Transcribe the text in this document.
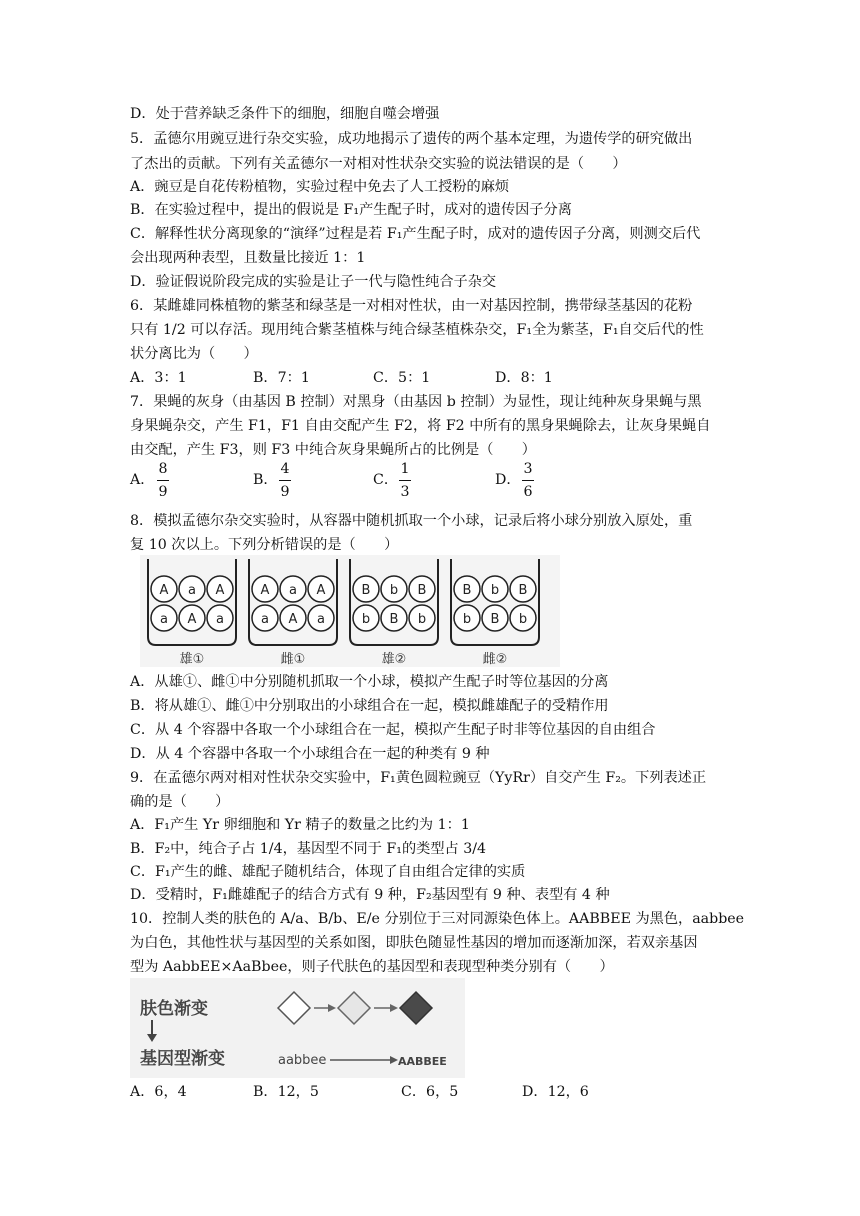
D．处于营养缺乏条件下的细胞，细胞自噬会增强
5．孟德尔用豌豆进行杂交实验，成功地揭示了遗传的两个基本定理，为遗传学的研究做出
了杰出的贡献。下列有关孟德尔一对相对性状杂交实验的说法错误的是（　　）
A．豌豆是自花传粉植物，实验过程中免去了人工授粉的麻烦
B．在实验过程中，提出的假说是 F₁产生配子时，成对的遗传因子分离
C．解释性状分离现象的“演绎”过程是若 F₁产生配子时，成对的遗传因子分离，则测交后代
会出现两种表型，且数量比接近 1：1
D．验证假说阶段完成的实验是让子一代与隐性纯合子杂交
6．某雌雄同株植物的紫茎和绿茎是一对相对性状，由一对基因控制，携带绿茎基因的花粉
只有 1/2 可以存活。现用纯合紫茎植株与纯合绿茎植株杂交，F₁全为紫茎，F₁自交后代的性
状分离比为（　　）
A．3：1	B．7：1	C．5：1	D．8：1
7．果蝇的灰身（由基因 B 控制）对黑身（由基因 b 控制）为显性，现让纯种灰身果蝇与黑
身果蝇杂交，产生 F1，F1 自由交配产生 F2，将 F2 中所有的黑身果蝇除去，让灰身果蝇自
由交配，产生 F3，则 F3 中纯合灰身果蝇所占的比例是（　　）
A．
8
9
B．
4
9
C．
1
3
D．
3
6
8．模拟孟德尔杂交实验时，从容器中随机抓取一个小球，记录后将小球分别放入原处，重
复 10 次以上。下列分析错误的是（　　）
A a A
a A a
雄①
A a A
a A a
雌①
B b B
b B b
雄②
B b B
b B b
雌②
A．从雄①、雌①中分别随机抓取一个小球，模拟产生配子时等位基因的分离
B．将从雄①、雌①中分别取出的小球组合在一起，模拟雌雄配子的受精作用
C．从 4 个容器中各取一个小球组合在一起，模拟产生配子时非等位基因的自由组合
D．从 4 个容器中各取一个小球组合在一起的种类有 9 种
9．在孟德尔两对相对性状杂交实验中，F₁黄色圆粒豌豆（YyRr）自交产生 F₂。下列表述正
确的是（　　）
A．F₁产生 Yr 卵细胞和 Yr 精子的数量之比约为 1：1
B．F₂中，纯合子占 1/4，基因型不同于 F₁的类型占 3/4
C．F₁产生的雌、雄配子随机结合，体现了自由组合定律的实质
D．受精时，F₁雌雄配子的结合方式有 9 种，F₂基因型有 9 种、表型有 4 种
10．控制人类的肤色的 A/a、B/b、E/e 分别位于三对同源染色体上。AABBEE 为黑色，aabbee
为白色，其他性状与基因型的关系如图，即肤色随显性基因的增加而逐渐加深，若双亲基因
型为 AabbEE×AaBbee，则子代肤色的基因型和表现型种类分别有（　　）
肤色渐变
基因型渐变	aabbee	AABBEE
A．6，4	B．12，5	C．6，5	D．12，6
